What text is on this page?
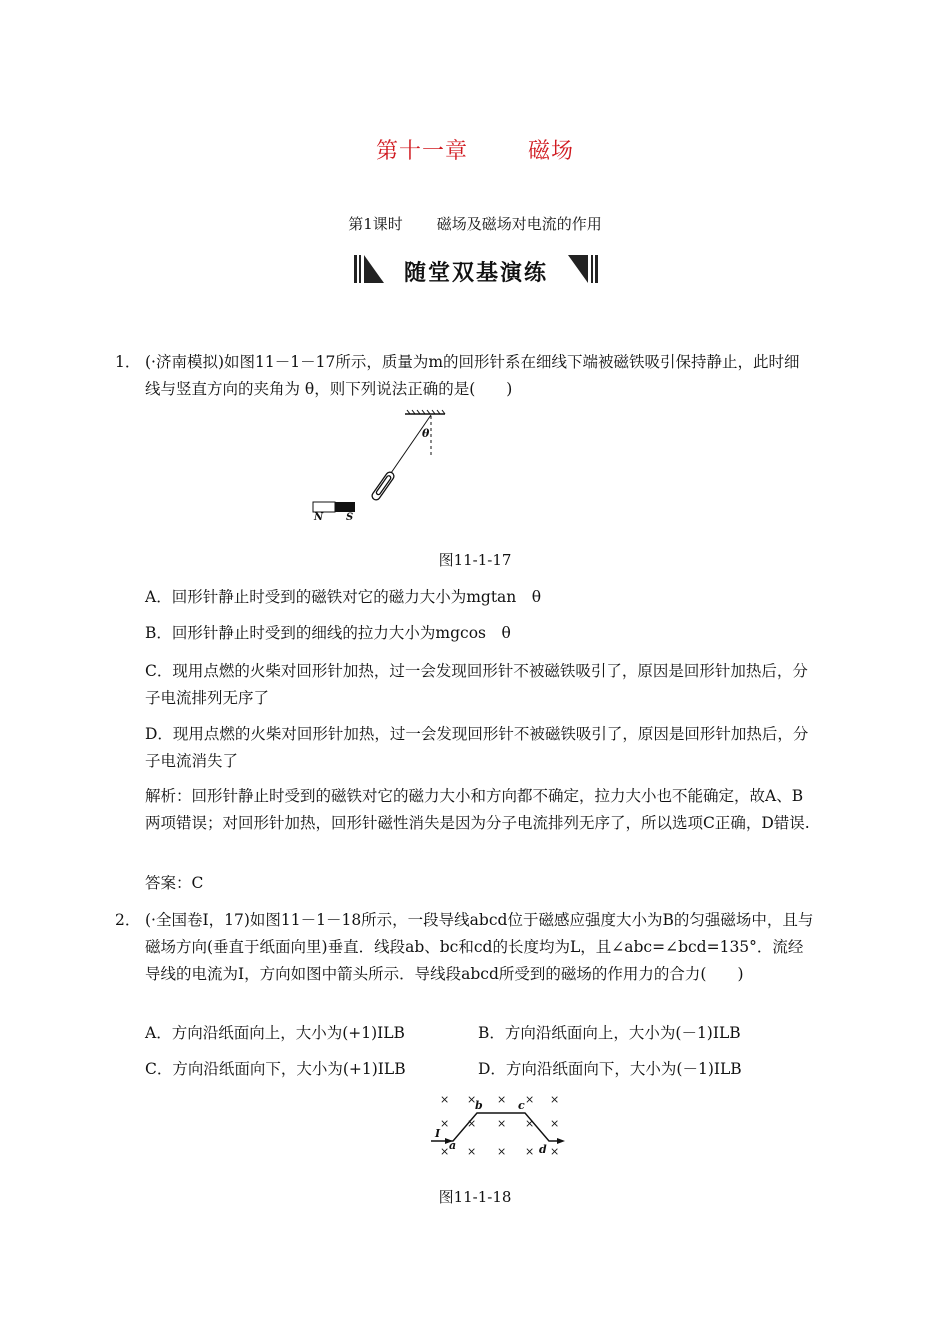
第十一章	磁场
第1课时 磁场及磁场对电流的作用
随堂双基演练
1． (·济南模拟)如图11－1－17所示，质量为m的回形针系在细线下端被磁铁吸引保持静止，此时细线与竖直方向的夹角为 θ，则下列说法正确的是(　　)
θ
N S
图11-1-17
A．回形针静止时受到的磁铁对它的磁力大小为mgtan　θ
B．回形针静止时受到的细线的拉力大小为mgcos　θ
C．现用点燃的火柴对回形针加热，过一会发现回形针不被磁铁吸引了，原因是回形针加热后，分子电流排列无序了
D．现用点燃的火柴对回形针加热，过一会发现回形针不被磁铁吸引了，原因是回形针加热后，分子电流消失了
解析：回形针静止时受到的磁铁对它的磁力大小和方向都不确定，拉力大小也不能确定，故A、B两项错误；对回形针加热，回形针磁性消失是因为分子电流排列无序了，所以选项C正确，D错误.
答案：C
2． (·全国卷Ⅰ，17)如图11－1－18所示，一段导线abcd位于磁感应强度大小为B的匀强磁场中，且与磁场方向(垂直于纸面向里)垂直．线段ab、bc和cd的长度均为L，且∠abc=∠bcd=135°．流经导线的电流为I，方向如图中箭头所示．导线段abcd所受到的磁场的作用力的合力(　　)
A．方向沿纸面向上，大小为(+1)ILB	B．方向沿纸面向上，大小为(－1)ILB
C．方向沿纸面向下，大小为(+1)ILB	D．方向沿纸面向下，大小为(－1)ILB
× × × × ×
× × × × ×
× × × × ×
I
a
b	c
d
图11-1-18
